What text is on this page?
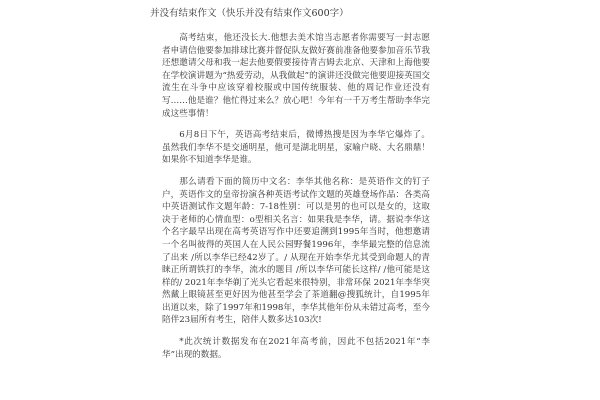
并没有结束作文（快乐并没有结束作文600字）

高考结束，他还没长大.他想去美术馆当志愿者你需要写一封志愿者申请信他要参加排球比赛并督促队友做好赛前准备他要参加音乐节我还想邀请父母和我一起去他要假要接待青吉姆去北京、天津和上海他要在学校演讲题为“热爱劳动，从我做起”的演讲还没做完他要迎接英国交流生在斗争中应该穿着校服或中国传统服装、他的周记作业还没有写……他是谁？他忙得过来么？放心吧！今年有一千万考生帮助李华完成这些事情！

6月8日下午，英语高考结束后，微博热搜是因为李华它爆炸了。虽然我们李华不是交通明星，他可是湖北明星，家喻户晓、大名鼎鼎！如果你不知道李华是谁。

那么请看下面的简历中文名：李华其他名称：是英语作文的钉子户，英语作文的皇帝扮演各种英语考试作文题的英雄登场作品：各类高中英语测试作文题年龄：7-18性别：可以是男的也可以是女的，这取决于老师的心情血型：o型相关名言：如果我是李华，请。据说李华这个名字最早出现在高考英语写作中还要追溯到1995年当时，他想邀请一个名叫彼得的英国人在人民公园野餐1996年，李华最完整的信息流了出来 /所以李华已经42岁了。/ 从现在开始李华尤其受到命题人的青睐正所谓铁打的李华，流水的题目 /所以李华可能长这样/ /他可能是这样的/ 2021年李华剃了光头它看起来很特别，非常环保 2021年李华突然戴上眼镜甚至更好因为他甚至学会了茶道翻@搜狐统计，自1995年出道以来，除了1997年和1998年，李华其他年份从未错过高考，至今陪伴23届所有考生，陪伴人数多达103次!

*此次统计数据发布在2021年高考前，因此不包括2021年“李华”出现的数据。
